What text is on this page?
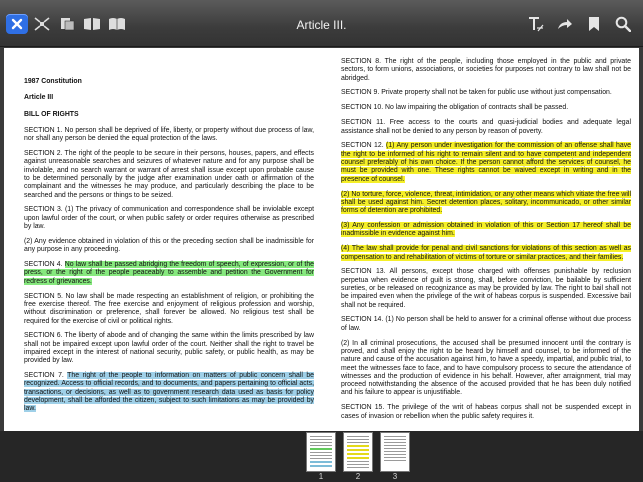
Article III.

1987 Constitution

Article III

BILL OF RIGHTS

SECTION 1. No person shall be deprived of life, liberty, or property without due process of law, nor shall any person be denied the equal protection of the laws.

SECTION 2. The right of the people to be secure in their persons, houses, papers, and effects against unreasonable searches and seizures of whatever nature and for any purpose shall be inviolable, and no search warrant or warrant of arrest shall issue except upon probable cause to be determined personally by the judge after examination under oath or affirmation of the complainant and the witnesses he may produce, and particularly describing the place to be searched and the persons or things to be seized.

SECTION 3. (1) The privacy of communication and correspondence shall be inviolable except upon lawful order of the court, or when public safety or order requires otherwise as prescribed by law.

(2) Any evidence obtained in violation of this or the preceding section shall be inadmissible for any purpose in any proceeding.

SECTION 4. No law shall be passed abridging the freedom of speech, of expression, or of the press, or the right of the people peaceably to assemble and petition the Government for redress of grievances.

SECTION 5. No law shall be made respecting an establishment of religion, or prohibiting the free exercise thereof. The free exercise and enjoyment of religious profession and worship, without discrimination or preference, shall forever be allowed. No religious test shall be required for the exercise of civil or political rights.

SECTION 6. The liberty of abode and of changing the same within the limits prescribed by law shall not be impaired except upon lawful order of the court. Neither shall the right to travel be impaired except in the interest of national security, public safety, or public health, as may be provided by law.

SECTION 7. The right of the people to information on matters of public concern shall be recognized. Access to official records, and to documents, and papers pertaining to official acts, transactions, or decisions, as well as to government research data used as basis for policy development, shall be afforded the citizen, subject to such limitations as may be provided by law.

SECTION 8. The right of the people, including those employed in the public and private sectors, to form unions, associations, or societies for purposes not contrary to law shall not be abridged.

SECTION 9. Private property shall not be taken for public use without just compensation.

SECTION 10. No law impairing the obligation of contracts shall be passed.

SECTION 11. Free access to the courts and quasi-judicial bodies and adequate legal assistance shall not be denied to any person by reason of poverty.

SECTION 12. (1) Any person under investigation for the commission of an offense shall have the right to be informed of his right to remain silent and to have competent and independent counsel preferably of his own choice. If the person cannot afford the services of counsel, he must be provided with one. These rights cannot be waived except in writing and in the presence of counsel.

(2) No torture, force, violence, threat, intimidation, or any other means which vitiate the free will shall be used against him. Secret detention places, solitary, incommunicado, or other similar forms of detention are prohibited.

(3) Any confession or admission obtained in violation of this or Section 17 hereof shall be inadmissible in evidence against him.

(4) The law shall provide for penal and civil sanctions for violations of this section as well as compensation to and rehabilitation of victims of torture or similar practices, and their families.

SECTION 13. All persons, except those charged with offenses punishable by reclusion perpetua when evidence of guilt is strong, shall, before conviction, be bailable by sufficient sureties, or be released on recognizance as may be provided by law. The right to bail shall not be impaired even when the privilege of the writ of habeas corpus is suspended. Excessive bail shall not be required.

SECTION 14. (1) No person shall be held to answer for a criminal offense without due process of law.

(2) In all criminal prosecutions, the accused shall be presumed innocent until the contrary is proved, and shall enjoy the right to be heard by himself and counsel, to be informed of the nature and cause of the accusation against him, to have a speedy, impartial, and public trial, to meet the witnesses face to face, and to have compulsory process to secure the attendance of witnesses and the production of evidence in his behalf. However, after arraignment, trial may proceed notwithstanding the absence of the accused provided that he has been duly notified and his failure to appear is unjustifiable.

SECTION 15. The privilege of the writ of habeas corpus shall not be suspended except in cases of invasion or rebellion when the public safety requires it.

1	2	3
